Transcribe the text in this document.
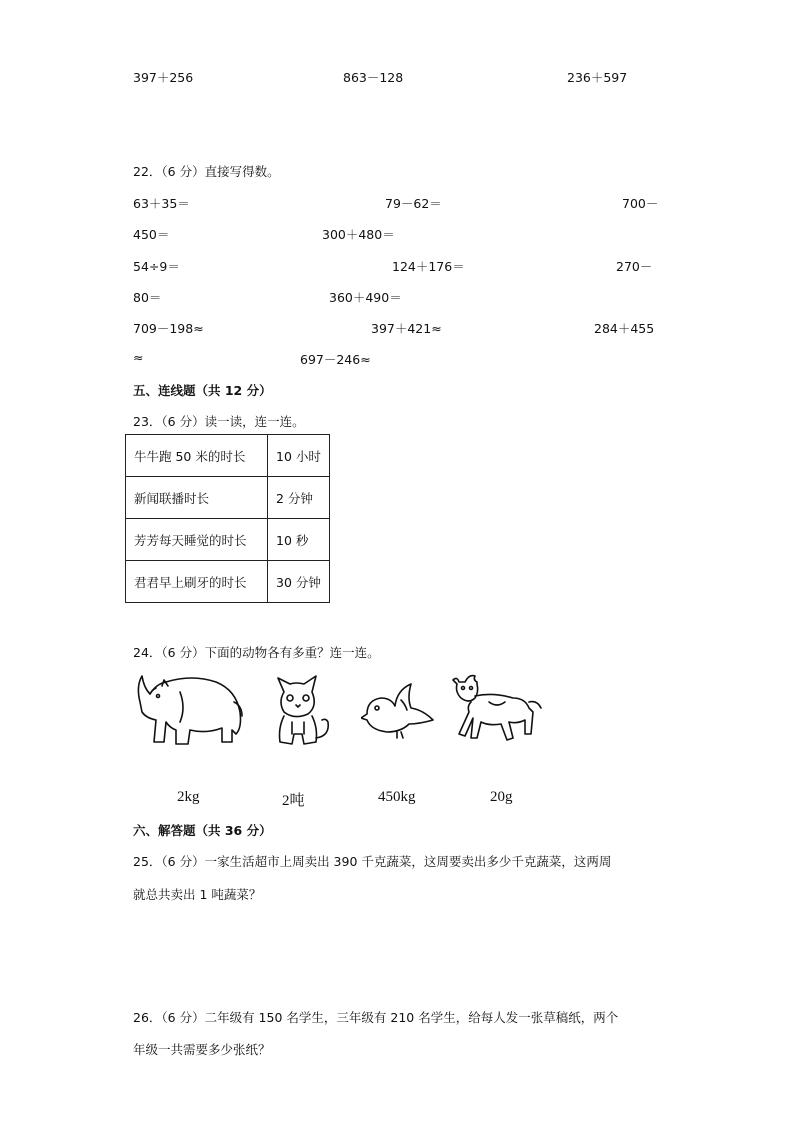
397＋256	863－128	236＋597
22．（6 分）直接写得数。
63＋35＝	79－62＝	700－
450＝	300＋480＝
54÷9＝	124＋176＝	270－
80＝	360＋490＝
709－198≈	397＋421≈	284＋455
≈	697－246≈
五、连线题（共 12 分）
23．（6 分）读一读，连一连。
牛牛跑 50 米的时长	10 小时
新闻联播时长	2 分钟
芳芳每天睡觉的时长	10 秒
君君早上刷牙的时长	30 分钟
24．（6 分）下面的动物各有多重？连一连。
2kg	2吨	450kg	20g
六、解答题（共 36 分）
25．（6 分）一家生活超市上周卖出 390 千克蔬菜，这周要卖出多少千克蔬菜，这两周
就总共卖出 1 吨蔬菜？
26．（6 分）二年级有 150 名学生，三年级有 210 名学生，给每人发一张草稿纸，两个
年级一共需要多少张纸？
